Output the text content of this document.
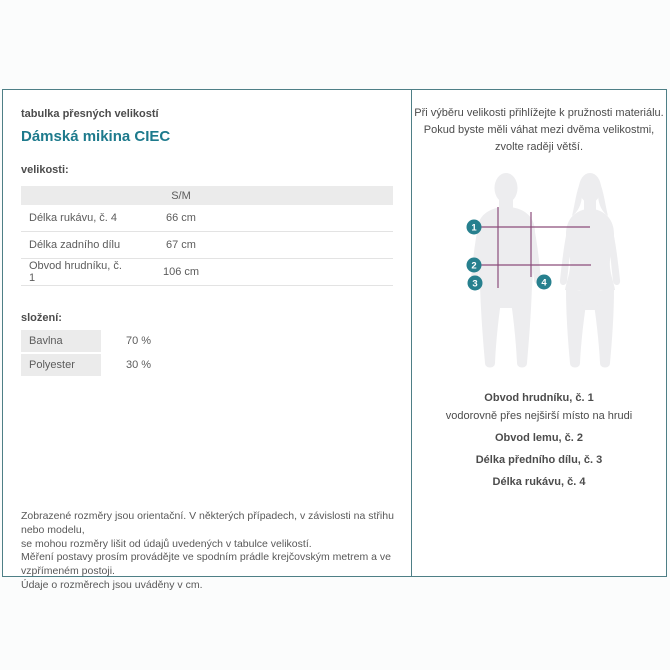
tabulka přesných velikostí
Dámská mikina CIEC
velikosti:
S/M
Délka rukávu, č. 4	66 cm
Délka zadního dílu	67 cm
Obvod hrudníku, č. 1	106 cm
složení:
Bavlna	70 %
Polyester	30 %
Zobrazené rozměry jsou orientační. V některých případech, v závislosti na střihu nebo modelu,
se mohou rozměry lišit od údajů uvedených v tabulce velikostí.
Měření postavy prosím provádějte ve spodním prádle krejčovským metrem a ve vzpřímeném postoji.
Údaje o rozměrech jsou uváděny v cm.
Při výběru velikosti přihlížejte k pružnosti materiálu.
Pokud byste měli váhat mezi dvěma velikostmi,
zvolte raději větší.
1
2
3	4
Obvod hrudníku, č. 1
vodorovně přes nejširší místo na hrudi
Obvod lemu, č. 2
Délka předního dílu, č. 3
Délka rukávu, č. 4
